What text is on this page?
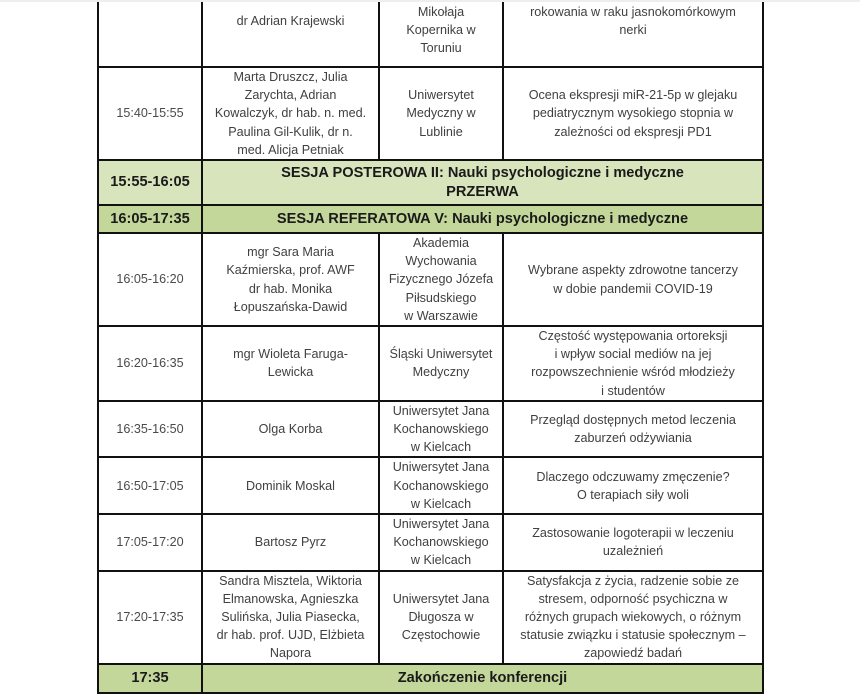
	dr Adrian Krajewski	Mikołaja
Kopernika w
Toruniu	rokowania w raku jasnokomórkowym
nerki

15:40-15:55	Marta Druszcz, Julia
Zarychta, Adrian
Kowalczyk, dr hab. n. med.
Paulina Gil-Kulik, dr n.
med. Alicja Petniak	Uniwersytet
Medyczny w
Lublinie	Ocena ekspresji miR-21-5p w glejaku
pediatrycznym wysokiego stopnia w
zależności od ekspresji PD1

15:55-16:05	SESJA POSTEROWA II: Nauki psychologiczne i medyczne
PRZERWA		

16:05-17:35	SESJA REFERATOWA V: Nauki psychologiczne i medyczne		

16:05-16:20	mgr Sara Maria
Kaźmierska, prof. AWF
dr hab. Monika
Łopuszańska-Dawid	Akademia
Wychowania
Fizycznego Józefa
Piłsudskiego
w Warszawie	Wybrane aspekty zdrowotne tancerzy
w dobie pandemii COVID-19

16:20-16:35	mgr Wioleta Faruga-
Lewicka	Śląski Uniwersytet
Medyczny	Częstość występowania ortoreksji
i wpływ social mediów na jej
rozpowszechnienie wśród młodzieży
i studentów

16:35-16:50	Olga Korba	Uniwersytet Jana
Kochanowskiego
w Kielcach	Przegląd dostępnych metod leczenia
zaburzeń odżywiania

16:50-17:05	Dominik Moskal	Uniwersytet Jana
Kochanowskiego
w Kielcach	Dlaczego odczuwamy zmęczenie?
O terapiach siły woli

17:05-17:20	Bartosz Pyrz	Uniwersytet Jana
Kochanowskiego
w Kielcach	Zastosowanie logoterapii w leczeniu
uzależnień

17:20-17:35	Sandra Misztela, Wiktoria
Elmanowska, Agnieszka
Sulińska, Julia Piasecka,
dr hab. prof. UJD, Elżbieta
Napora	Uniwersytet Jana
Długosza w
Częstochowie	Satysfakcja z życia, radzenie sobie ze
stresem, odporność psychiczna w
różnych grupach wiekowych, o różnym
statusie związku i statusie społecznym –
zapowiedź badań

17:35	Zakończenie konferencji		
